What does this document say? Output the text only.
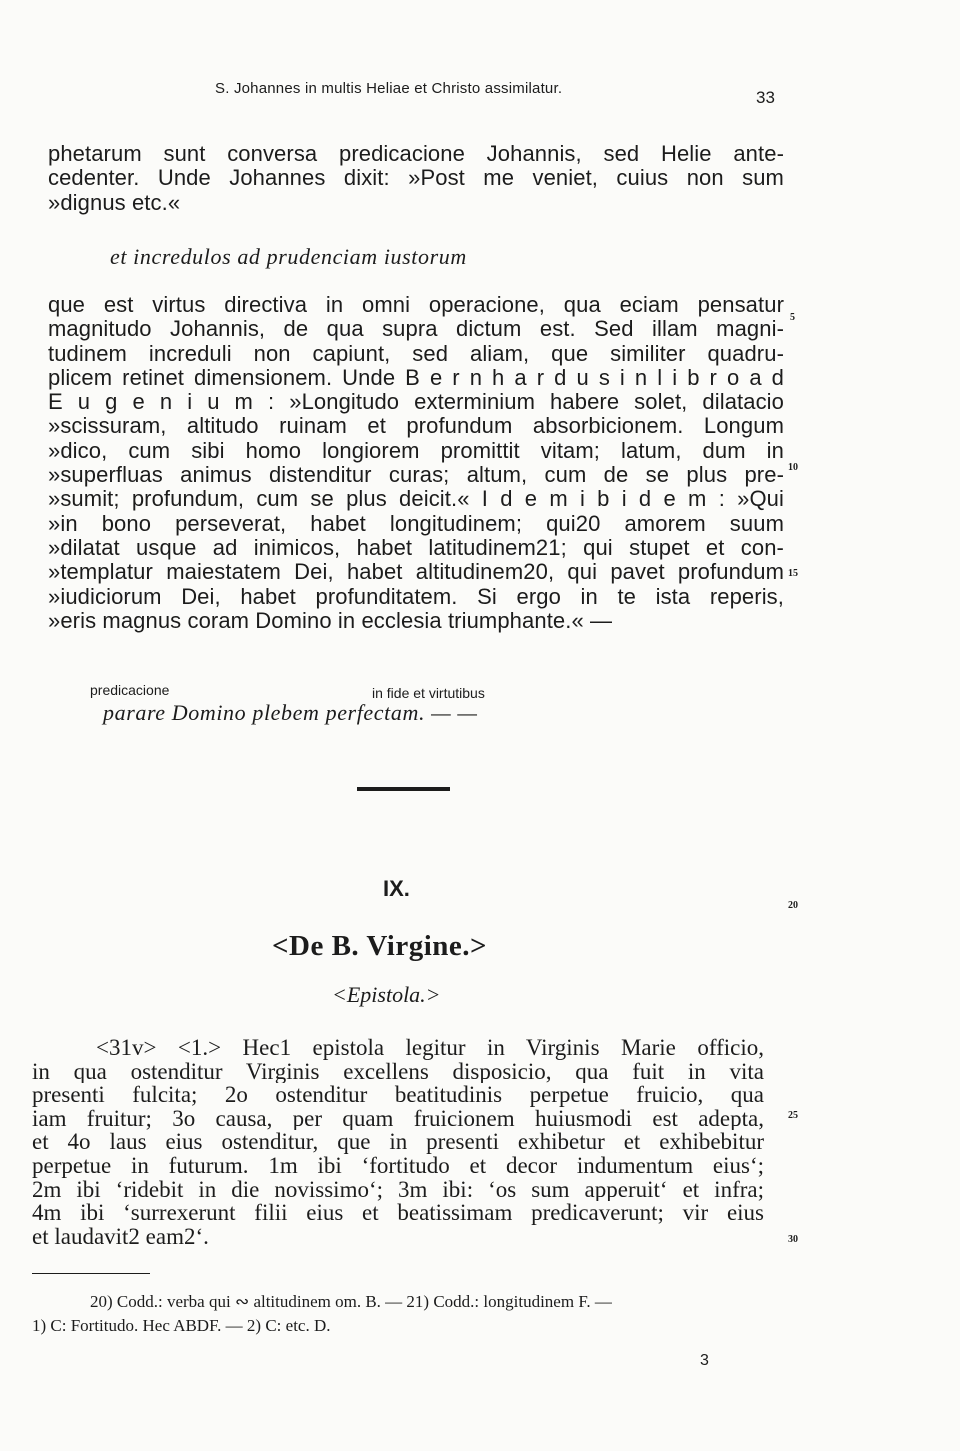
S. Johannes in multis Heliae et Christo assimilatur.	33
phetarum sunt conversa predicacione Johannis, sed Helie ante-
cedenter. Unde Johannes dixit: »Post me veniet, cuius non sum
»dignus etc.«
et incredulos ad prudenciam iustorum
que est virtus directiva in omni operacione, qua eciam pensatur
magnitudo Johannis, de qua supra dictum est. Sed illam magni-
tudinem increduli non capiunt, sed aliam, que similiter quadru-
plicem retinet dimensionem. Unde B e r n h a r d u s i n l i b r o a d
E u g e n i u m : »Longitudo exterminium habere solet, dilatacio
»scissuram, altitudo ruinam et profundum absorbicionem. Longum
»dico, cum sibi homo longiorem promittit vitam; latum, dum in
»superfluas animus distenditur curas; altum, cum de se plus pre-
»sumit; profundum, cum se plus deicit.« I d e m i b i d e m : »Qui
»in bono perseverat, habet longitudinem; qui20 amorem suum
»dilatat usque ad inimicos, habet latitudinem21; qui stupet et con-
»templatur maiestatem Dei, habet altitudinem20, qui pavet profundum
»iudiciorum Dei, habet profunditatem. Si ergo in te ista reperis,
»eris magnus coram Domino in ecclesia triumphante.« —
5
10
15
20
25
30
predicacione	in fide et virtutibus
parare Domino plebem perfectam. — —
IX.
<De B. Virgine.>
<Epistola.>
<31v> <1.> Hec1 epistola legitur in Virginis Marie officio,
in qua ostenditur Virginis excellens disposicio, qua fuit in vita
presenti fulcita; 2o ostenditur beatitudinis perpetue fruicio, qua
iam fruitur; 3o causa, per quam fruicionem huiusmodi est adepta,
et 4o laus eius ostenditur, que in presenti exhibetur et exhibebitur
perpetue in futurum. 1m ibi ‘fortitudo et decor indumentum eius‘;
2m ibi ‘ridebit in die novissimo‘; 3m ibi: ‘os sum apperuit‘ et infra;
4m ibi ‘surrexerunt filii eius et beatissimam predicaverunt; vir eius
et laudavit2 eam2‘.
20) Codd.: verba qui ∾ altitudinem om. B. — 21) Codd.: longitudinem F. —
1) C: Fortitudo. Hec ABDF. — 2) C: etc. D.
3
